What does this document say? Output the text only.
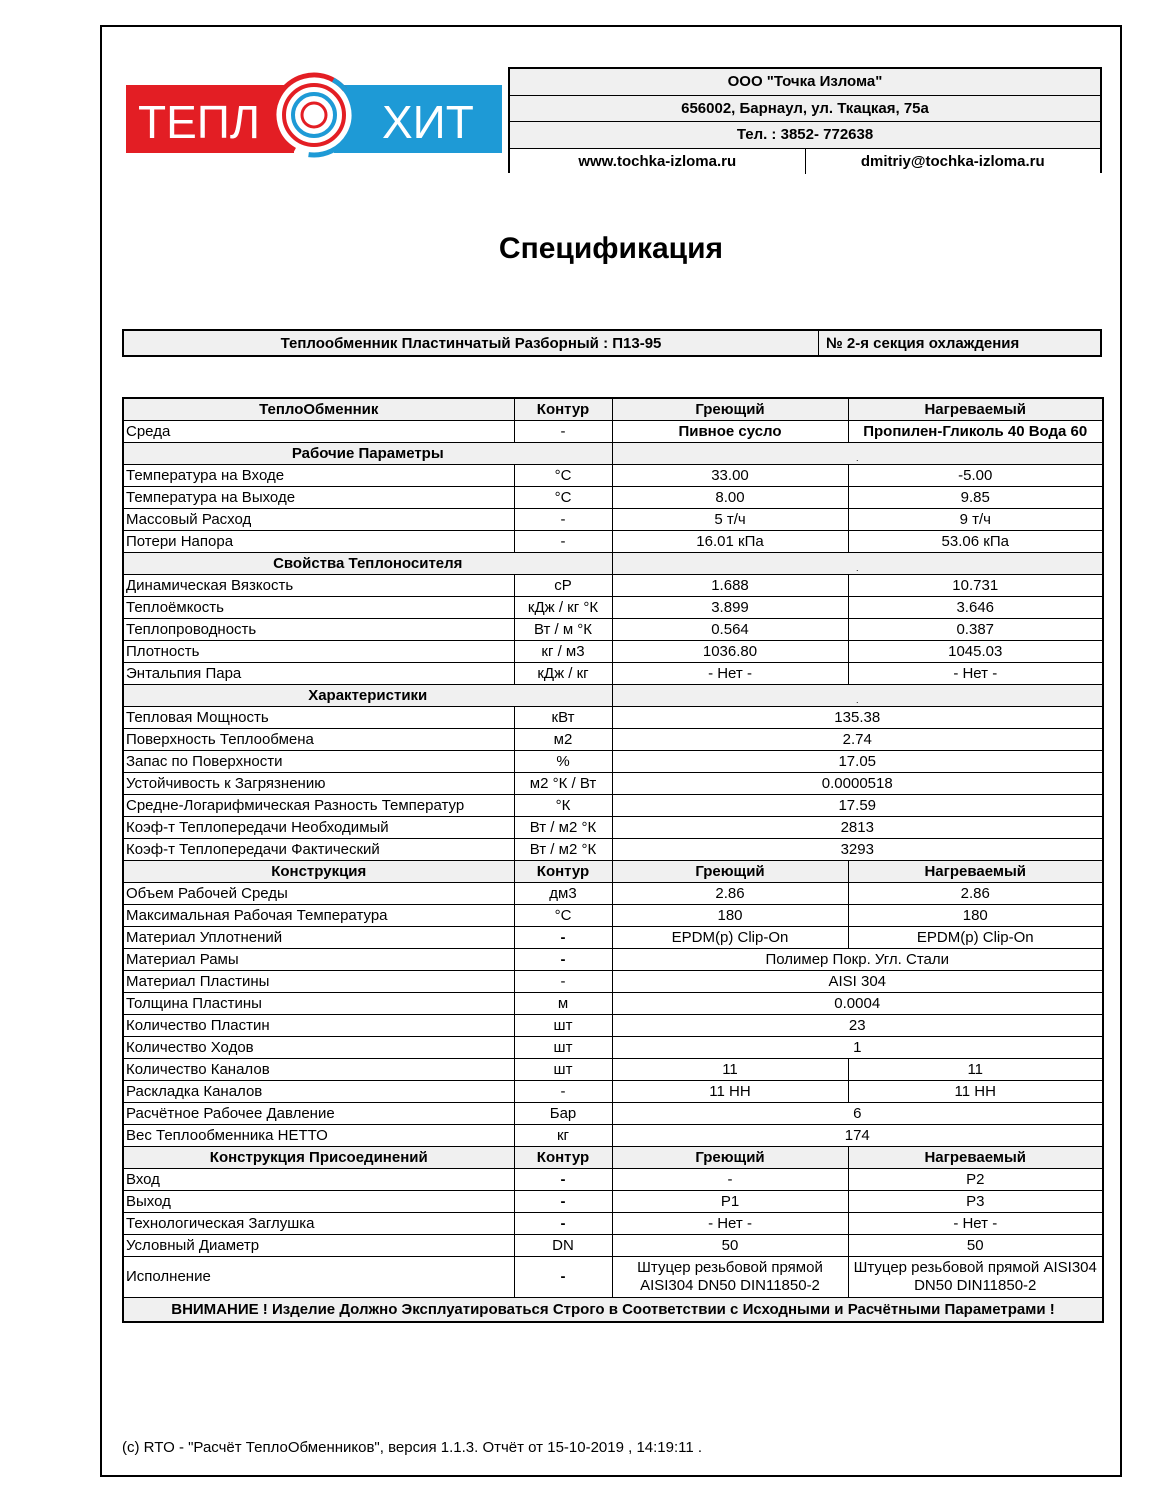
ТЕПЛ	ХИТ
ООО "Точка Излома"
656002, Барнаул, ул. Ткацкая, 75а
Тел. : 3852- 772638
www.tochka-izloma.ru	dmitriy@tochka-izloma.ru
Спецификация
Теплообменник Пластинчатый Разборный : П13-95	№ 2-я секция охлаждения
ТеплоОбменник	Контур	Греющий	Нагреваемый
Среда	-	Пивное сусло	Пропилен-Гликоль 40 Вода 60
Рабочие Параметры		.	
Температура на Входе	°C	33.00	-5.00
Температура на Выходе	°C	8.00	9.85
Массовый Расход	-	5 т/ч	9 т/ч
Потери Напора	-	16.01 кПа	53.06 кПа
Свойства Теплоносителя		.	
Динамическая Вязкость	cP	1.688	10.731
Теплоёмкость	кДж / кг °К	3.899	3.646
Теплопроводность	Вт / м °К	0.564	0.387
Плотность	кг / м3	1036.80	1045.03
Энтальпия Пара	кДж / кг	- Нет -	- Нет -
Характеристики		.	
Тепловая Мощность	кВт	135.38	
Поверхность Теплообмена	м2	2.74	
Запас по Поверхности	%	17.05	
Устойчивость к Загрязнению	м2 °К / Вт	0.0000518	
Средне-Логарифмическая Разность Температур	°К	17.59	
Коэф-т Теплопередачи Необходимый	Вт / м2 °К	2813	
Коэф-т Теплопередачи Фактический	Вт / м2 °К	3293	
Конструкция	Контур	Греющий	Нагреваемый
Объем Рабочей Среды	дм3	2.86	2.86
Максимальная Рабочая Температура	°C	180	180
Материал Уплотнений	-	EPDM(p) Clip-On	EPDM(p) Clip-On
Материал Рамы	-	Полимер Покр. Угл. Стали	
Материал Пластины	-	AISI 304	
Толщина Пластины	м	0.0004	
Количество Пластин	шт	23	
Количество Ходов	шт	1	
Количество Каналов	шт	11	11
Раскладка Каналов	-	11 HH	11 HH
Расчётное Рабочее Давление	Бар	6	
Вес Теплообменника НЕТТО	кг	174	
Конструкция Присоединений	Контур	Греющий	Нагреваемый
Вход	-	-	P2
Выход	-	P1	P3
Технологическая Заглушка	-	- Нет -	- Нет -
Условный Диаметр	DN	50	50
Исполнение	-	Штуцер резьбовой прямой AISI304 DN50 DIN11850-2	Штуцер резьбовой прямой AISI304 DN50 DIN11850-2
ВНИМАНИЕ ! Изделие Должно Эксплуатироваться Строго в Соответствии с Исходными и Расчётными Параметрами !			
(c) RTO - "Расчёт ТеплоОбменников", версия 1.1.3. Отчёт от 15-10-2019 , 14:19:11 .
